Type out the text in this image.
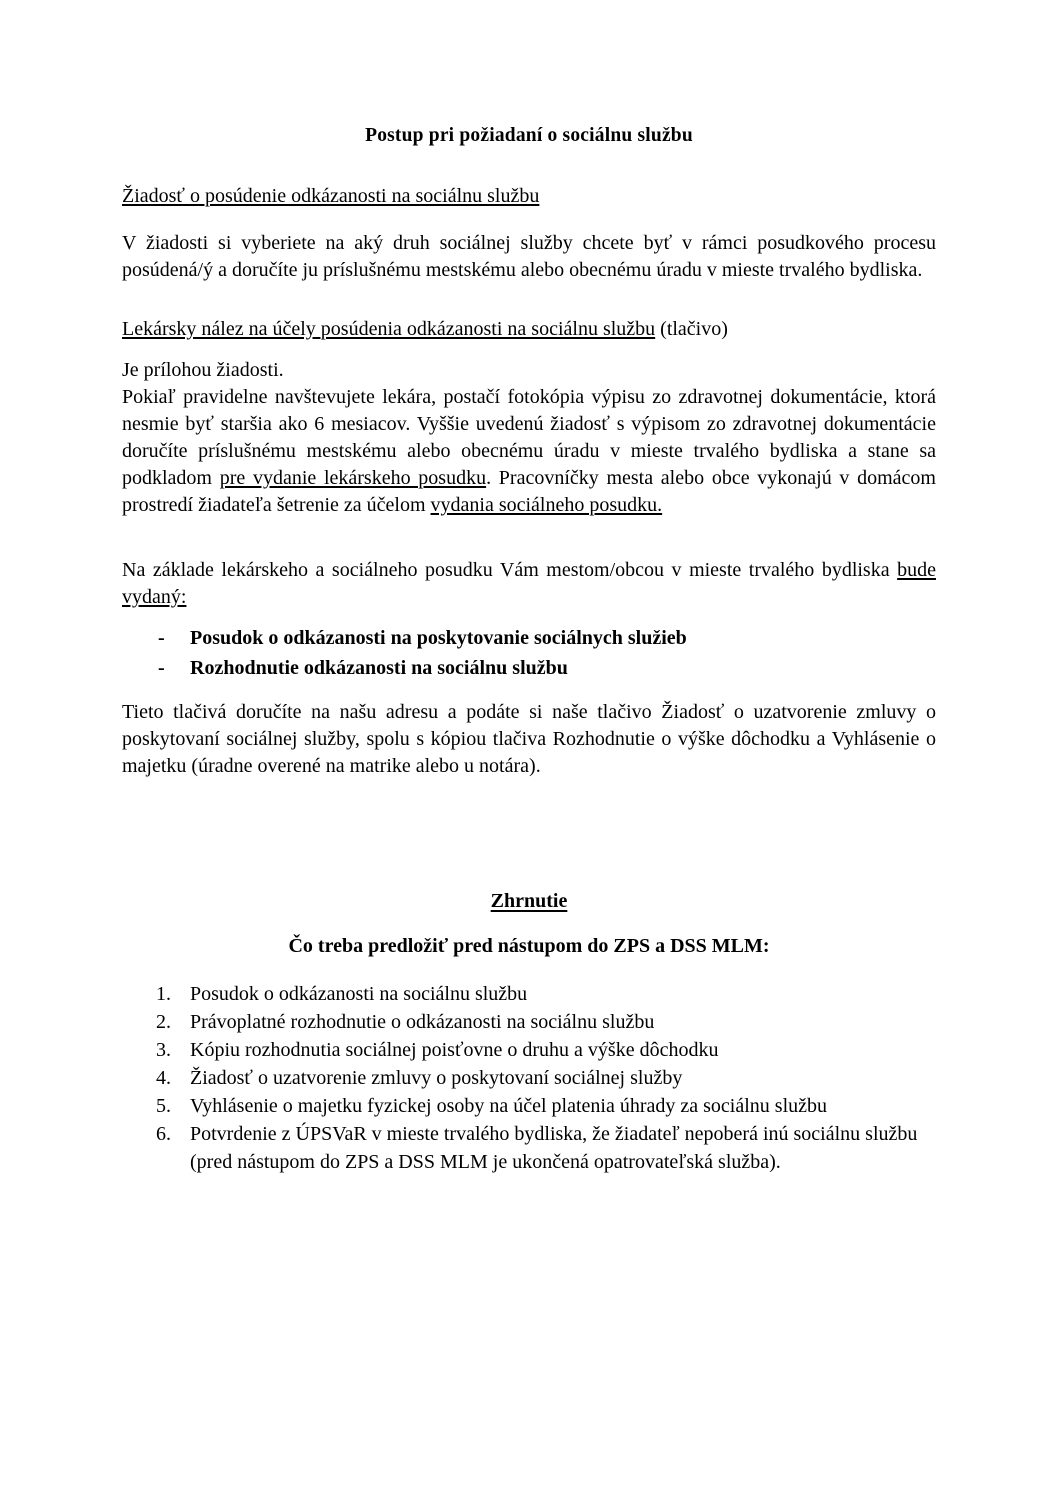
Postup pri požiadaní o sociálnu službu
Žiadosť o posúdenie odkázanosti na sociálnu službu

V žiadosti si vyberiete na aký druh sociálnej služby chcete byť v rámci posudkového procesu posúdená/ý a doručíte ju príslušnému mestskému alebo obecnému úradu v mieste trvalého bydliska.

Lekársky nález na účely posúdenia odkázanosti na sociálnu službu (tlačivo)

Je prílohou žiadosti.

Pokiaľ pravidelne navštevujete lekára, postačí fotokópia výpisu zo zdravotnej dokumentácie, ktorá nesmie byť staršia ako 6 mesiacov. Vyššie uvedenú žiadosť s výpisom zo zdravotnej dokumentácie doručíte príslušnému mestskému alebo obecnému úradu v mieste trvalého bydliska a stane sa podkladom pre vydanie lekárskeho posudku. Pracovníčky mesta alebo obce vykonajú v domácom prostredí žiadateľa šetrenie za účelom vydania sociálneho posudku.

Na základe lekárskeho a sociálneho posudku Vám mestom/obcou v mieste trvalého bydliska bude vydaný:

- Posudok o odkázanosti na poskytovanie sociálnych služieb
- Rozhodnutie odkázanosti na sociálnu službu

Tieto tlačivá doručíte na našu adresu a podáte si naše tlačivo Žiadosť o uzatvorenie zmluvy o poskytovaní sociálnej služby, spolu s kópiou tlačiva Rozhodnutie o výške dôchodku a Vyhlásenie o majetku (úradne overené na matrike alebo u notára).

Zhrnutie
Čo treba predložiť pred nástupom do ZPS a DSS MLM:
1. Posudok o odkázanosti na sociálnu službu
2. Právoplatné rozhodnutie o odkázanosti na sociálnu službu
3. Kópiu rozhodnutia sociálnej poisťovne o druhu a výške dôchodku
4. Žiadosť o uzatvorenie zmluvy o poskytovaní sociálnej služby
5. Vyhlásenie o majetku fyzickej osoby na účel platenia úhrady za sociálnu službu
6. Potvrdenie z ÚPSVaR v mieste trvalého bydliska, že žiadateľ nepoberá inú sociálnu službu (pred nástupom do ZPS a DSS MLM je ukončená opatrovateľská služba).
